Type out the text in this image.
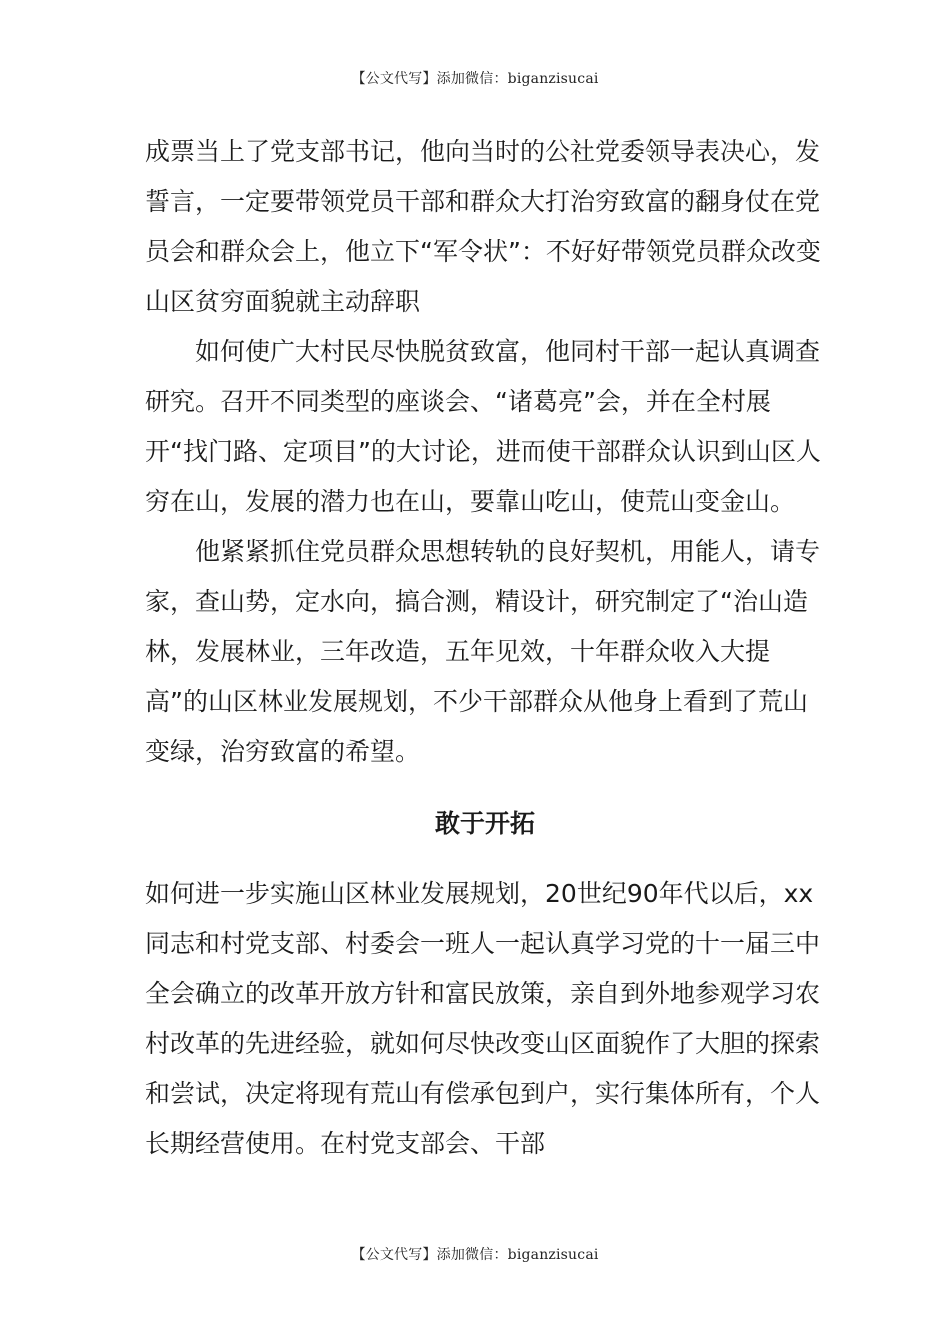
【公文代写】添加微信：biganzisucai

成票当上了党支部书记，他向当时的公社党委领导表决心，发誓言，一定要带领党员干部和群众大打治穷致富的翻身仗在党员会和群众会上，他立下“军令状”：不好好带领党员群众改变山区贫穷面貌就主动辞职

如何使广大村民尽快脱贫致富，他同村干部一起认真调查研究。召开不同类型的座谈会、“诸葛亮”会，并在全村展开“找门路、定项目”的大讨论，进而使干部群众认识到山区人穷在山，发展的潜力也在山，要靠山吃山，使荒山变金山。

他紧紧抓住党员群众思想转轨的良好契机，用能人，请专家，查山势，定水向，搞合测，精设计，研究制定了“治山造林，发展林业，三年改造，五年见效，十年群众收入大提高”的山区林业发展规划，不少干部群众从他身上看到了荒山变绿，治穷致富的希望。

敢于开拓

如何进一步实施山区林业发展规划，20世纪90年代以后，xx同志和村党支部、村委会一班人一起认真学习党的十一届三中全会确立的改革开放方针和富民放策，亲自到外地参观学习农村改革的先进经验，就如何尽快改变山区面貌作了大胆的探索和尝试，决定将现有荒山有偿承包到户，实行集体所有，个人长期经营使用。在村党支部会、干部

【公文代写】添加微信：biganzisucai
